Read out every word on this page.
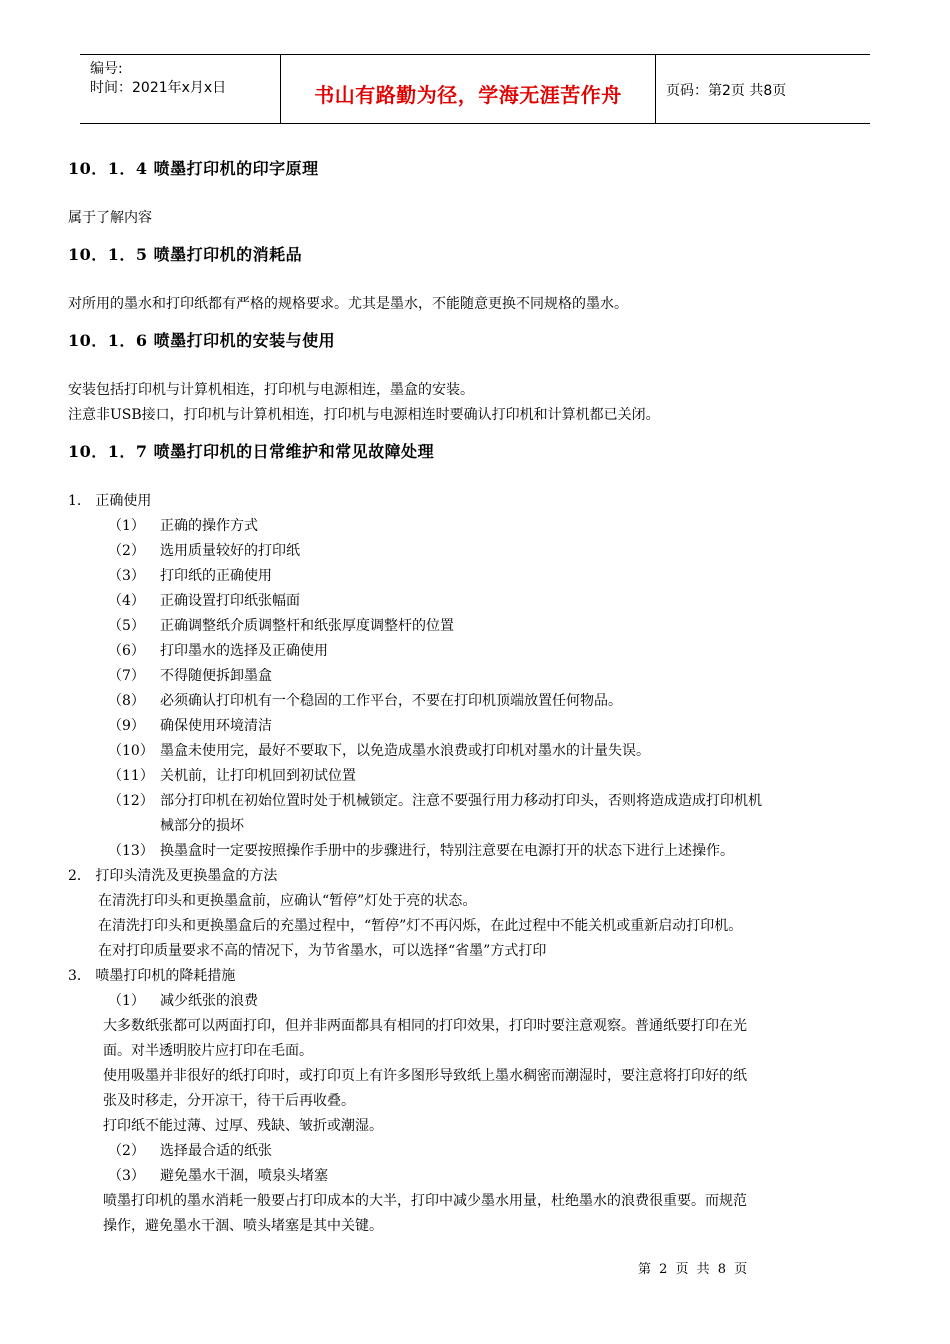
编号:
时间：2021年x月x日	书山有路勤为径，学海无涯苦作舟	页码：第2页 共8页
10．1．4 喷墨打印机的印字原理
属于了解内容
10．1．5 喷墨打印机的消耗品
对所用的墨水和打印纸都有严格的规格要求。尤其是墨水，不能随意更换不同规格的墨水。
10．1．6 喷墨打印机的安装与使用
安装包括打印机与计算机相连，打印机与电源相连，墨盒的安装。
注意非USB接口，打印机与计算机相连，打印机与电源相连时要确认打印机和计算机都已关闭。
10．1．7 喷墨打印机的日常维护和常见故障处理
1． 正确使用
（1） 正确的操作方式
（2） 选用质量较好的打印纸
（3） 打印纸的正确使用
（4） 正确设置打印纸张幅面
（5） 正确调整纸介质调整杆和纸张厚度调整杆的位置
（6） 打印墨水的选择及正确使用
（7） 不得随便拆卸墨盒
（8） 必须确认打印机有一个稳固的工作平台，不要在打印机顶端放置任何物品。
（9） 确保使用环境清洁
（10） 墨盒未使用完，最好不要取下，以免造成墨水浪费或打印机对墨水的计量失误。
（11） 关机前，让打印机回到初试位置
（12） 部分打印机在初始位置时处于机械锁定。注意不要强行用力移动打印头，否则将造成造成打印机机
械部分的损坏
（13） 换墨盒时一定要按照操作手册中的步骤进行，特别注意要在电源打开的状态下进行上述操作。
2． 打印头清洗及更换墨盒的方法
在清洗打印头和更换墨盒前，应确认“暂停”灯处于亮的状态。
在清洗打印头和更换墨盒后的充墨过程中，“暂停”灯不再闪烁，在此过程中不能关机或重新启动打印机。
在对打印质量要求不高的情况下，为节省墨水，可以选择“省墨”方式打印
3． 喷墨打印机的降耗措施
（1） 减少纸张的浪费
大多数纸张都可以两面打印，但并非两面都具有相同的打印效果，打印时要注意观察。普通纸要打印在光
面。对半透明胶片应打印在毛面。
使用吸墨并非很好的纸打印时，或打印页上有许多图形导致纸上墨水稠密而潮湿时，要注意将打印好的纸
张及时移走，分开凉干，待干后再收叠。
打印纸不能过薄、过厚、残缺、皱折或潮湿。
（2） 选择最合适的纸张
（3） 避免墨水干涸，喷泉头堵塞
喷墨打印机的墨水消耗一般要占打印成本的大半，打印中减少墨水用量，杜绝墨水的浪费很重要。而规范
操作，避免墨水干涸、喷头堵塞是其中关键。
第 2 页 共 8 页
